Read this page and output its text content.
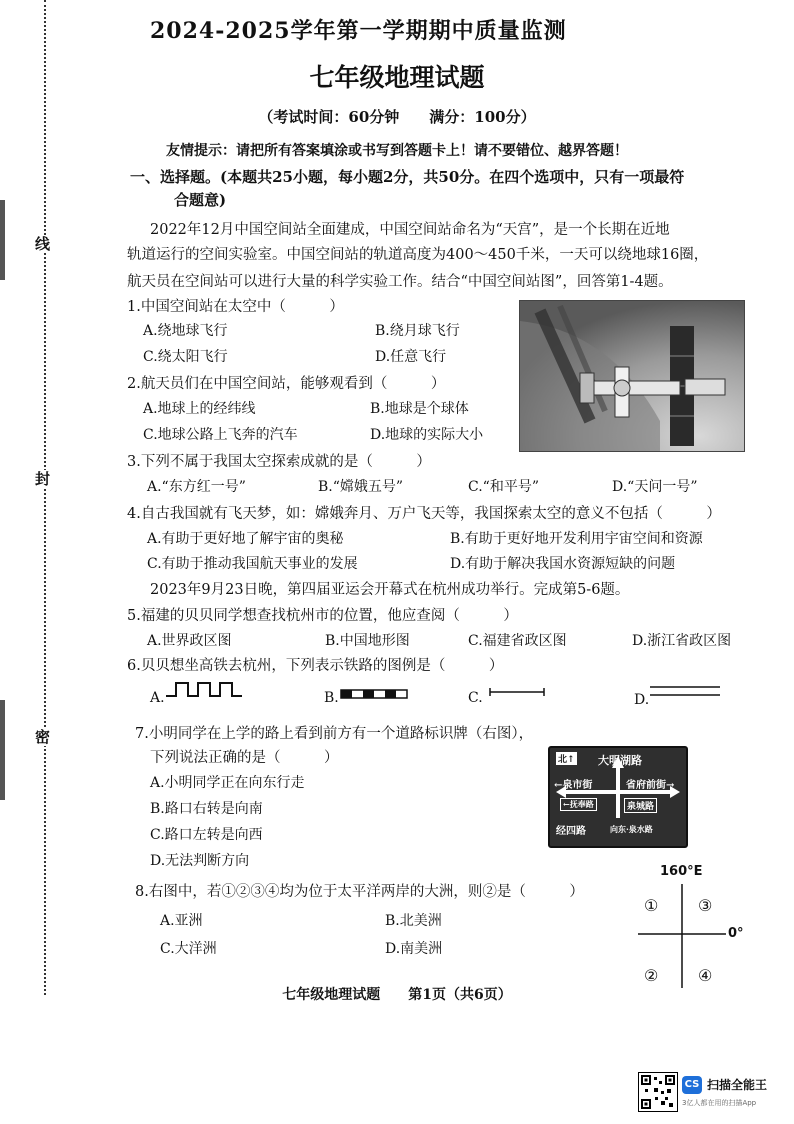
线
封
密
2024-2025学年第一学期期中质量监测
七年级地理试题
（考试时间：60分钟　　满分：100分）
友情提示：请把所有答案填涂或书写到答题卡上！请不要错位、越界答题！
一、选择题。(本题共25小题，每小题2分，共50分。在四个选项中，只有一项最符
合题意)
2022年12月中国空间站全面建成，中国空间站命名为“天宫”，是一个长期在近地
轨道运行的空间实验室。中国空间站的轨道高度为400～450千米，一天可以绕地球16圈，
航天员在空间站可以进行大量的科学实验工作。结合“中国空间站图”，回答第1-4题。
1.中国空间站在太空中（　　　）
A.绕地球飞行	B.绕月球飞行
C.绕太阳飞行	D.任意飞行
2.航天员们在中国空间站，能够观看到（　　　）
A.地球上的经纬线	B.地球是个球体
C.地球公路上飞奔的汽车	D.地球的实际大小
3.下列不属于我国太空探索成就的是（　　　）
A.“东方红一号”	B.“嫦娥五号”	C.“和平号”	D.“天问一号”
4.自古我国就有飞天梦，如：嫦娥奔月、万户飞天等，我国探索太空的意义不包括（　　　）
A.有助于更好地了解宇宙的奥秘	B.有助于更好地开发利用宇宙空间和资源
C.有助于推动我国航天事业的发展	D.有助于解决我国水资源短缺的问题
2023年9月23日晚，第四届亚运会开幕式在杭州成功举行。完成第5-6题。
5.福建的贝贝同学想查找杭州市的位置，他应查阅（　　　）
A.世界政区图	B.中国地形图	C.福建省政区图	D.浙江省政区图
6.贝贝想坐高铁去杭州，下列表示铁路的图例是（　　　）
A.	B.	C.	D.
7.小明同学在上学的路上看到前方有一个道路标识牌（右图），
下列说法正确的是（　　　）
A.小明同学正在向东行走
B.路口右转是向南
C.路口左转是向西
D.无法判断方向
北↑ 大明湖路
←泉市街	省府前街→
泉城路
←抚奉路
经四路	向东·泉水路
8.右图中，若①②③④均为位于太平洋两岸的大洲，则②是（　　　）
A.亚洲	B.北美洲
C.大洋洲	D.南美洲
160°E
0°
① ③
② ④
七年级地理试题　　第1页（共6页）
CS 扫描全能王
3亿人都在用的扫描App
